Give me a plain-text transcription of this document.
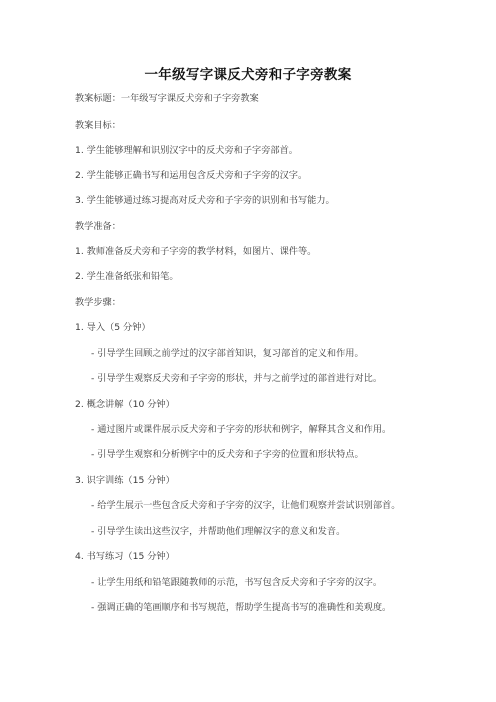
一年级写字课反犬旁和子字旁教案
教案标题：一年级写字课反犬旁和子字旁教案
教案目标：
1. 学生能够理解和识别汉字中的反犬旁和子字旁部首。
2. 学生能够正确书写和运用包含反犬旁和子字旁的汉字。
3. 学生能够通过练习提高对反犬旁和子字旁的识别和书写能力。
教学准备：
1. 教师准备反犬旁和子字旁的教学材料，如图片、课件等。
2. 学生准备纸张和铅笔。
教学步骤：
1. 导入（5 分钟）
- 引导学生回顾之前学过的汉字部首知识，复习部首的定义和作用。
- 引导学生观察反犬旁和子字旁的形状，并与之前学过的部首进行对比。
2. 概念讲解（10 分钟）
- 通过图片或课件展示反犬旁和子字旁的形状和例字，解释其含义和作用。
- 引导学生观察和分析例字中的反犬旁和子字旁的位置和形状特点。
3. 识字训练（15 分钟）
- 给学生展示一些包含反犬旁和子字旁的汉字，让他们观察并尝试识别部首。
- 引导学生读出这些汉字，并帮助他们理解汉字的意义和发音。
4. 书写练习（15 分钟）
- 让学生用纸和铅笔跟随教师的示范，书写包含反犬旁和子字旁的汉字。
- 强调正确的笔画顺序和书写规范，帮助学生提高书写的准确性和美观度。
